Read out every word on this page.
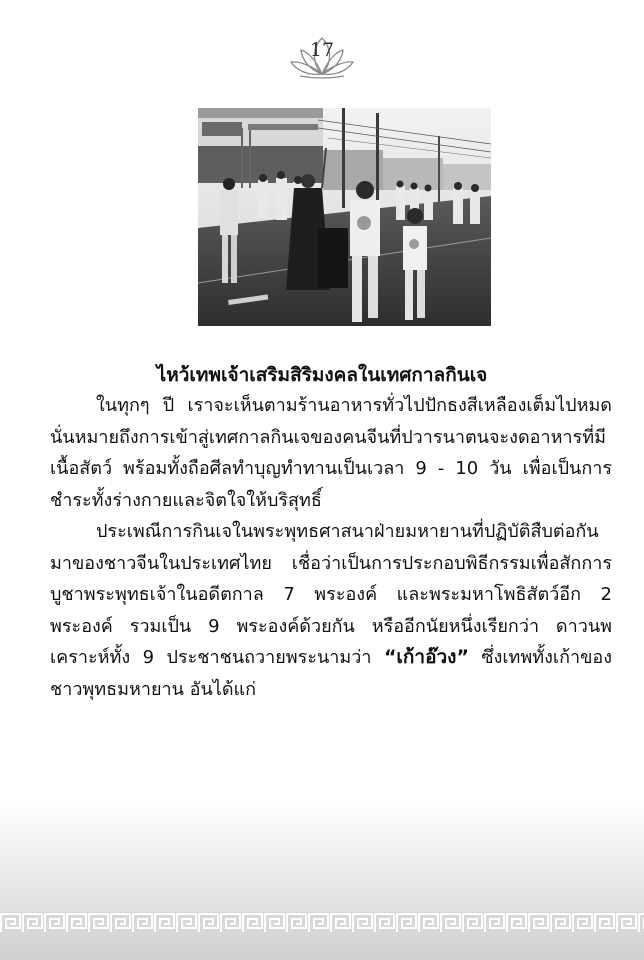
17

ไหว้เทพเจ้าเสริมสิริมงคลในเทศกาลกินเจ

ในทุกๆ ปี เราจะเห็นตามร้านอาหารทั่วไปปักธงสีเหลืองเต็มไปหมด นั่นหมายถึงการเข้าสู่เทศกาลกินเจของคนจีนที่ปวารนาตนจะงดอาหารที่มีเนื้อสัตว์ พร้อมทั้งถือศีลทำบุญทำทานเป็นเวลา 9 - 10 วัน เพื่อเป็นการชำระทั้งร่างกายและจิตใจให้บริสุทธิ์

ประเพณีการกินเจในพระพุทธศาสนาฝ่ายมหายานที่ปฏิบัติสืบต่อกันมาของชาวจีนในประเทศไทย เชื่อว่าเป็นการประกอบพิธีกรรมเพื่อสักการบูชาพระพุทธเจ้าในอดีตกาล 7 พระองค์ และพระมหาโพธิสัตว์อีก 2 พระองค์ รวมเป็น 9 พระองค์ด้วยกัน หรืออีกนัยหนึ่งเรียกว่า ดาวนพเคราะห์ทั้ง 9 ประชาชนถวายพระนามว่า “เก้าอ๊วง” ซึ่งเทพทั้งเก้าของชาวพุทธมหายาน อันได้แก่
